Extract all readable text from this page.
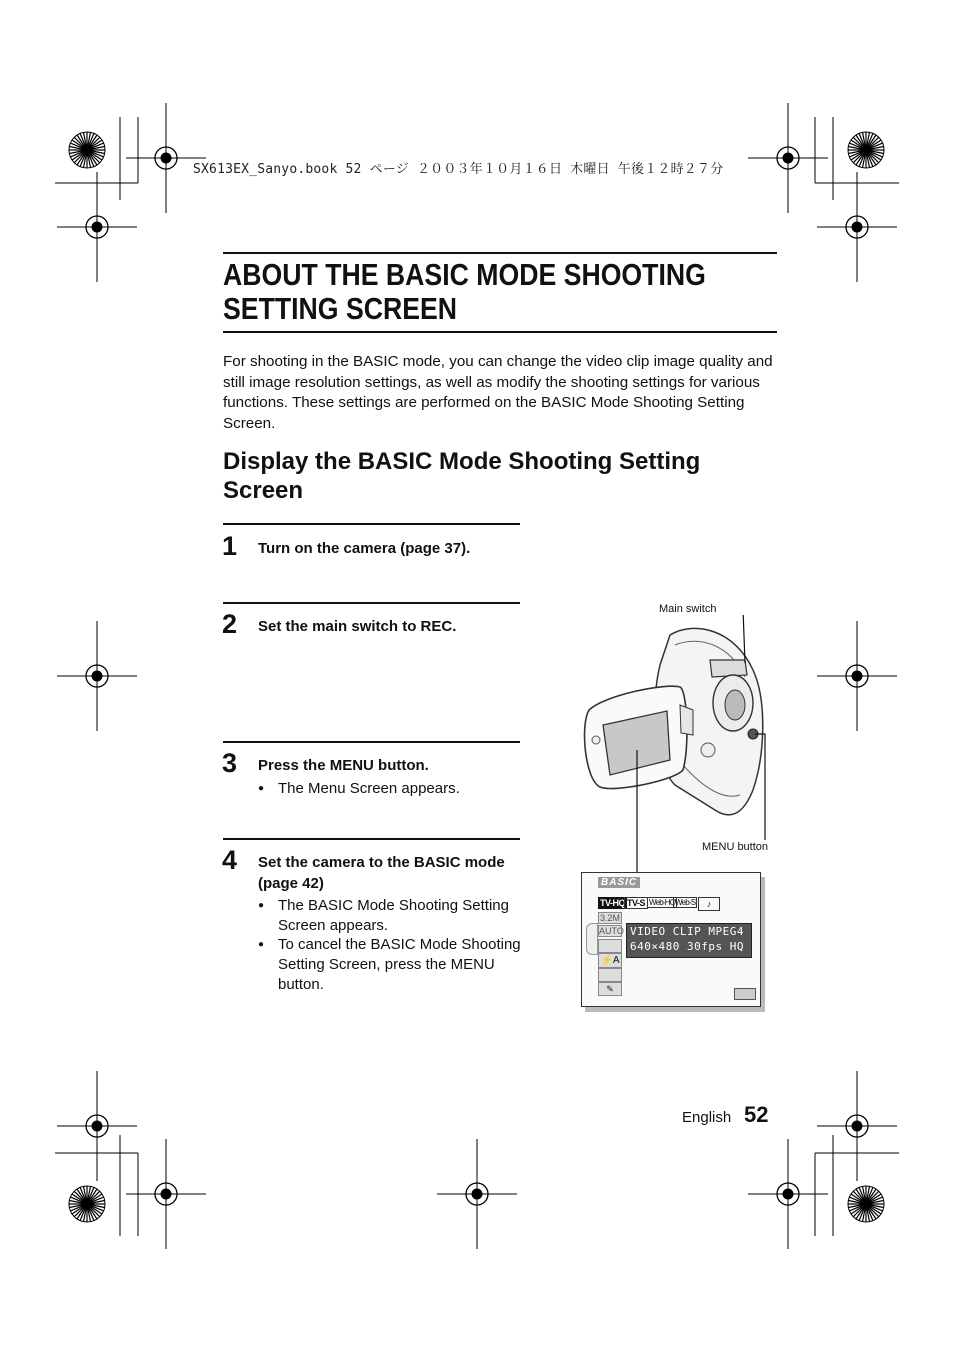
SX613EX_Sanyo.book 52 ページ ２００３年１０月１６日 木曜日 午後１２時２７分
ABOUT THE BASIC MODE SHOOTING SETTING SCREEN
For shooting in the BASIC mode, you can change the video clip image quality and still image resolution settings, as well as modify the shooting settings for various functions. These settings are performed on the BASIC Mode Shooting Setting Screen.
Display the BASIC Mode Shooting Setting Screen
1 Turn on the camera (page 37).
2 Set the main switch to REC.
3 Press the MENU button.
● The Menu Screen appears.
4 Set the camera to the BASIC mode (page 42)
● The BASIC Mode Shooting Setting Screen appears.
● To cancel the BASIC Mode Shooting Setting Screen, press the MENU button.
Main switch
MENU button
BASIC
TV-HQ TV-S Web-HQ Web-S	♪
3.2M
AUTO
⚡A
✎
VIDEO CLIP MPEG4
640×480 30fps HQ
English 52
